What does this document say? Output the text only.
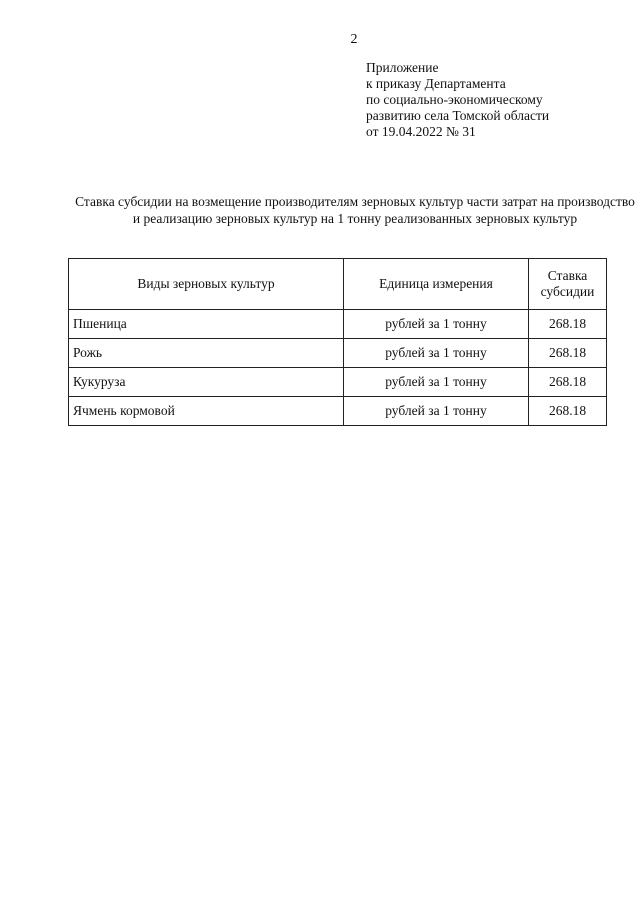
2
Приложение
к приказу Департамента
по социально-экономическому
развитию села Томской области
от 19.04.2022 № 31
Ставка субсидии на возмещение производителям зерновых культур части затрат на производство и реализацию зерновых культур на 1 тонну реализованных зерновых культур
Виды зерновых культур	Единица измерения	Ставка
субсидии
Пшеница	рублей за 1 тонну	268.18
Рожь	рублей за 1 тонну	268.18
Кукуруза	рублей за 1 тонну	268.18
Ячмень кормовой	рублей за 1 тонну	268.18
